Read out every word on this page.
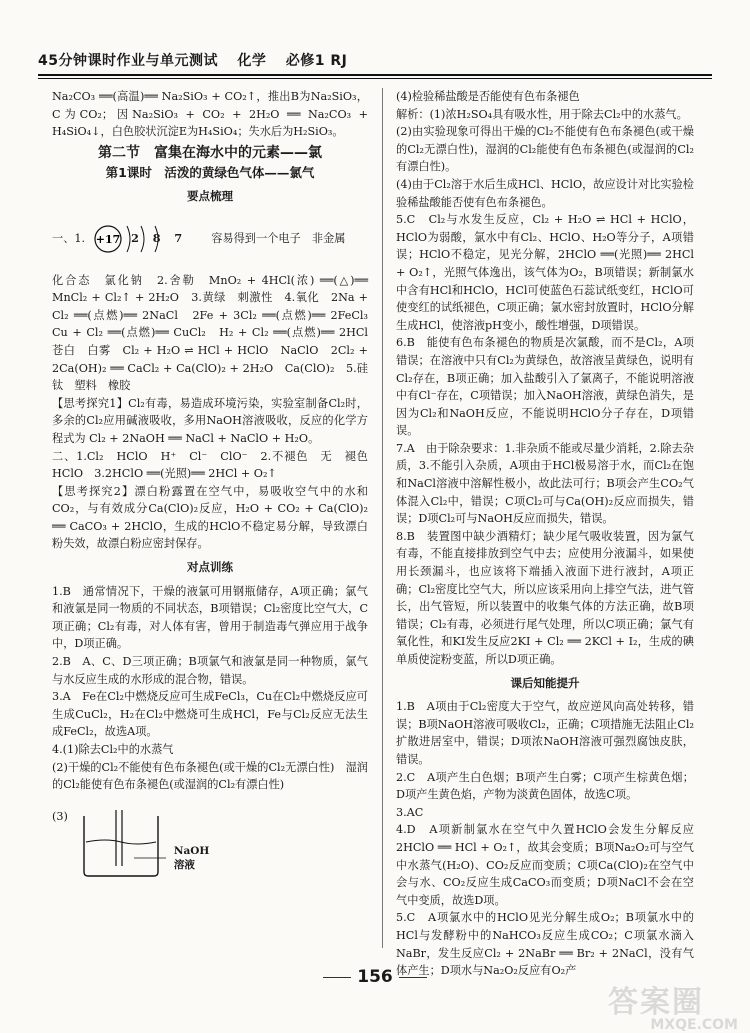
45分钟课时作业与单元测试 化学 必修1 RJ

Na₂CO₃ ══(高温)══ Na₂SiO₃ + CO₂↑，推出B为Na₂SiO₃，C为CO₂；因Na₂SiO₃ + CO₂ + 2H₂O ══ Na₂CO₃ + H₄SiO₄↓，白色胶状沉淀E为H₄SiO₄；失水后为H₂SiO₃。

第二节　富集在海水中的元素——氯
第1课时　活泼的黄绿色气体——氯气
要点梳理
一、1. +17 2 8 7 容易得到一个电子　非金属

化合态　氯化钠　2.舍勒　MnO₂ + 4HCl(浓) ══(△)══ MnCl₂ + Cl₂↑ + 2H₂O　3.黄绿　刺激性　4.氧化　2Na + Cl₂ ══(点燃)══ 2NaCl　2Fe + 3Cl₂ ══(点燃)══ 2FeCl₃　Cu + Cl₂ ══(点燃)══ CuCl₂　H₂ + Cl₂ ══(点燃)══ 2HCl　苍白　白雾　Cl₂ + H₂O ⇌ HCl + HClO　NaClO　2Cl₂ + 2Ca(OH)₂ ══ CaCl₂ + Ca(ClO)₂ + 2H₂O　Ca(ClO)₂　5.硅　钛　塑料　橡胶

【思考探究1】Cl₂有毒，易造成环境污染，实验室制备Cl₂时，多余的Cl₂应用碱液吸收，多用NaOH溶液吸收，反应的化学方程式为 Cl₂ + 2NaOH ══ NaCl + NaClO + H₂O。

二、1.Cl₂　HClO　H⁺　Cl⁻　ClO⁻　2.不褪色　无　褪色　HClO　3.2HClO ══(光照)══ 2HCl + O₂↑

【思考探究2】漂白粉露置在空气中，易吸收空气中的水和CO₂，与有效成分Ca(ClO)₂反应，H₂O + CO₂ + Ca(ClO)₂ ══ CaCO₃ + 2HClO，生成的HClO不稳定易分解，导致漂白粉失效，故漂白粉应密封保存。

对点训练

1.B　通常情况下，干燥的液氯可用钢瓶储存，A项正确；氯气和液氯是同一物质的不同状态，B项错误；Cl₂密度比空气大，C项正确；Cl₂有毒，对人体有害，曾用于制造毒气弹应用于战争中，D项正确。
2.B　A、C、D三项正确；B项氯气和液氯是同一种物质，氯气与水反应生成的水形成的混合物，错误。
3.A　Fe在Cl₂中燃烧反应可生成FeCl₃，Cu在Cl₂中燃烧反应可生成CuCl₂，H₂在Cl₂中燃烧可生成HCl，Fe与Cl₂反应无法生成FeCl₂，故选A项。
4.(1)除去Cl₂中的水蒸气
(2)干燥的Cl₂不能使有色布条褪色(或干燥的Cl₂无漂白性)　湿润的Cl₂能使有色布条褪色(或湿润的Cl₂有漂白性)

(3)
NaOH
溶液

(4)检验稀盐酸是否能使有色布条褪色
解析：(1)浓H₂SO₄具有吸水性，用于除去Cl₂中的水蒸气。
(2)由实验现象可得出干燥的Cl₂不能使有色布条褪色(或干燥的Cl₂无漂白性)，湿润的Cl₂能使有色布条褪色(或湿润的Cl₂有漂白性)。
(4)由于Cl₂溶于水后生成HCl、HClO，故应设计对比实验检验稀盐酸能否使有色布条褪色。

5.C　Cl₂与水发生反应，Cl₂ + H₂O ⇌ HCl + HClO，HClO为弱酸，氯水中有Cl₂、HClO、H₂O等分子，A项错误；HClO不稳定，见光分解，2HClO ══(光照)══ 2HCl + O₂↑，光照气体逸出，该气体为O₂，B项错误；新制氯水中含有HCl和HClO，HCl可使蓝色石蕊试纸变红，HClO可使变红的试纸褪色，C项正确；氯水密封放置时，HClO分解生成HCl，使溶液pH变小，酸性增强，D项错误。
6.B　能使有色布条褪色的物质是次氯酸，而不是Cl₂，A项错误；在溶液中只有Cl₂为黄绿色，故溶液呈黄绿色，说明有Cl₂存在，B项正确；加入盐酸引入了氯离子，不能说明溶液中有Cl⁻存在，C项错误；加入NaOH溶液，黄绿色消失，是因为Cl₂和NaOH反应，不能说明HClO分子存在，D项错误。
7.A　由于除杂要求：1.非杂质不能或尽量少消耗，2.除去杂质，3.不能引入杂质，A项由于HCl极易溶于水，而Cl₂在饱和NaCl溶液中溶解性极小，故此法可行；B项会产生CO₂气体混入Cl₂中，错误；C项Cl₂可与Ca(OH)₂反应而损失，错误；D项Cl₂可与NaOH反应而损失，错误。
8.B　装置图中缺少酒精灯；缺少尾气吸收装置，因为氯气有毒，不能直接排放到空气中去；应使用分液漏斗，如果使用长颈漏斗，也应该将下端插入液面下进行液封，A项正确；Cl₂密度比空气大，所以应该采用向上排空气法，进气管长，出气管短，所以装置中的收集气体的方法正确，故B项错误；Cl₂有毒，必须进行尾气处理，所以C项正确；氯气有氧化性，和KI发生反应2KI + Cl₂ ══ 2KCl + I₂，生成的碘单质使淀粉变蓝，所以D项正确。

课后知能提升

1.B　A项由于Cl₂密度大于空气，故应逆风向高处转移，错误；B项NaOH溶液可吸收Cl₂，正确；C项措施无法阻止Cl₂扩散进居室中，错误；D项浓NaOH溶液可强烈腐蚀皮肤，错误。
2.C　A项产生白色烟；B项产生白雾；C项产生棕黄色烟；D项产生黄色焰，产物为淡黄色固体，故选C项。
3.AC
4.D　A项新制氯水在空气中久置HClO会发生分解反应2HClO ══ HCl + O₂↑，故其会变质；B项Na₂O₂可与空气中水蒸气(H₂O)、CO₂反应而变质；C项Ca(ClO)₂在空气中会与水、CO₂反应生成CaCO₃而变质；D项NaCl不会在空气中变质，故选D项。
5.C　A项氯水中的HClO见光分解生成O₂；B项氯水中的HCl与发酵粉中的NaHCO₃反应生成CO₂；C项氯水滴入NaBr，发生反应Cl₂ + 2NaBr ══ Br₂ + 2NaCl，没有气体产生；D项水与Na₂O₂反应有O₂产

156
答案圈
MXQE.COM
